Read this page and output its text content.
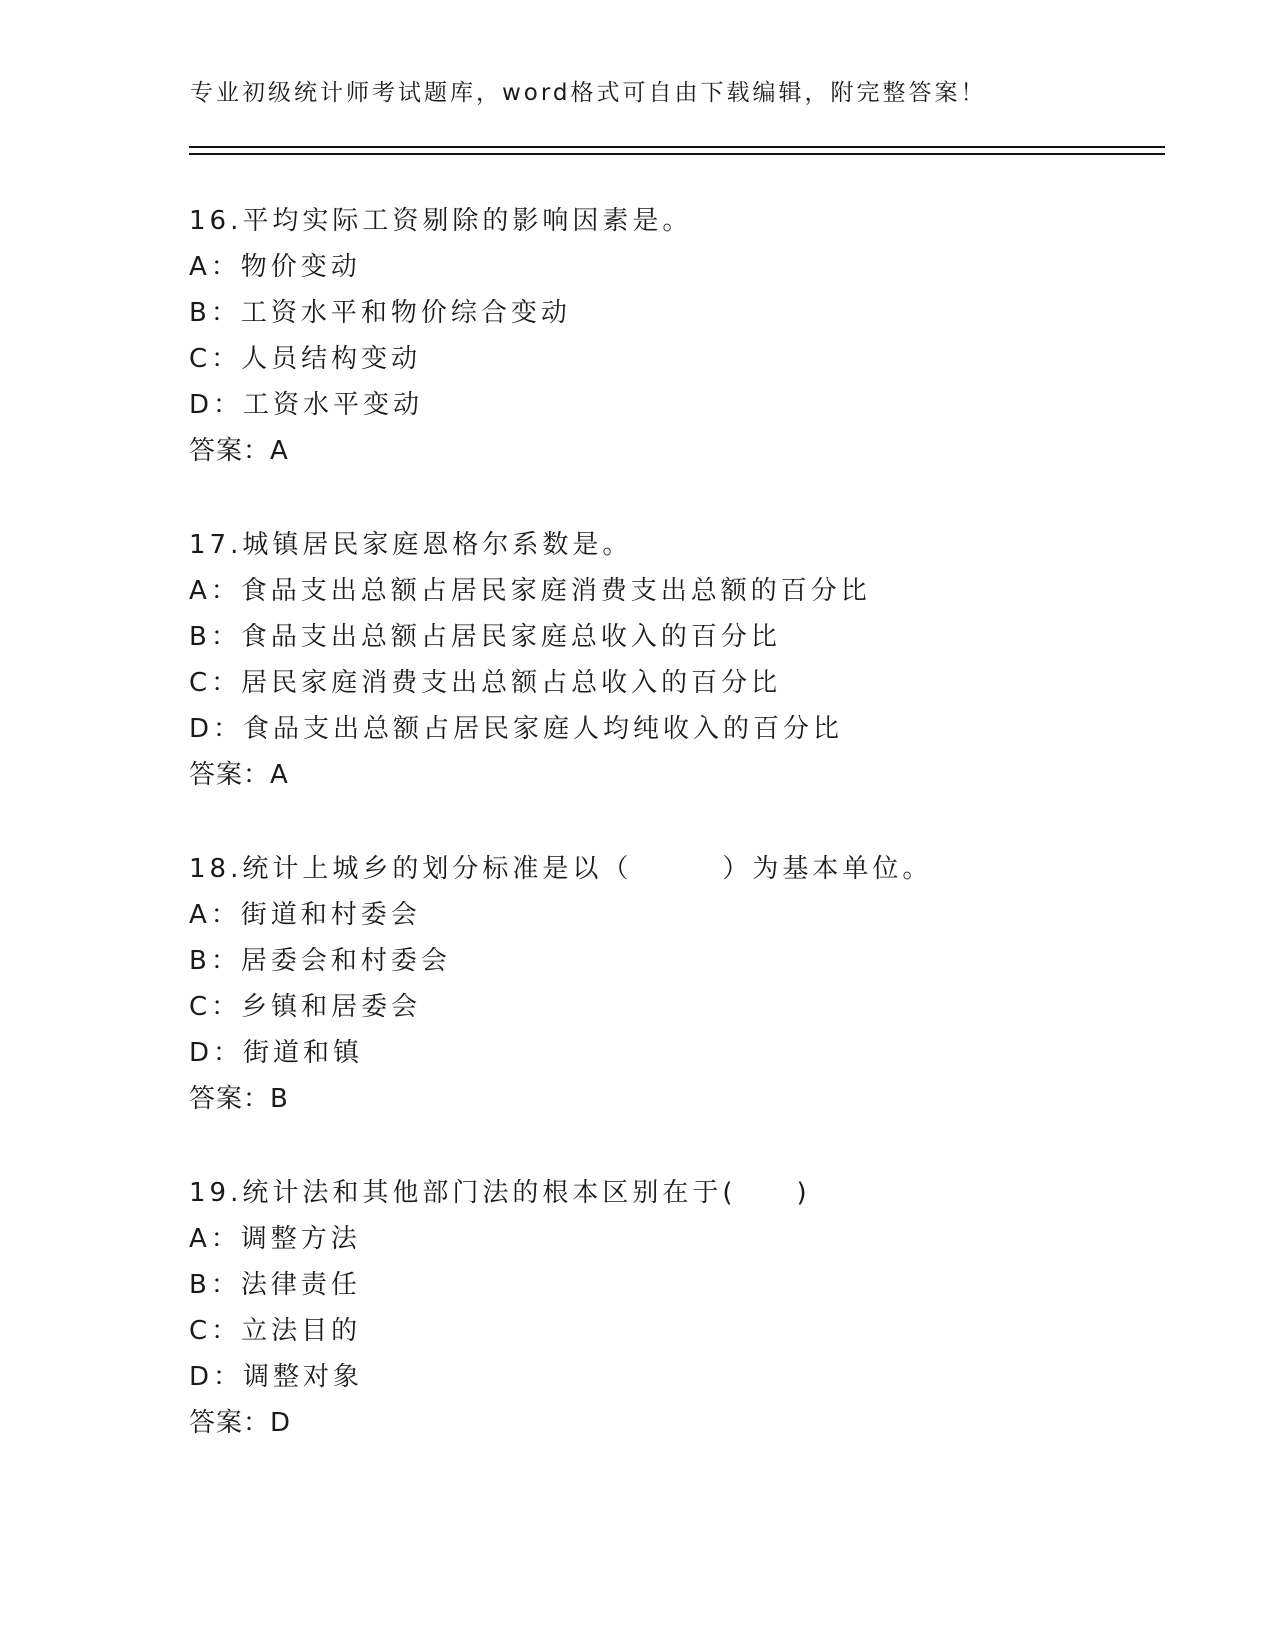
专业初级统计师考试题库，word格式可自由下载编辑，附完整答案！
16.平均实际工资剔除的影响因素是。
A：物价变动
B：工资水平和物价综合变动
C：人员结构变动
D：工资水平变动
答案：A
17.城镇居民家庭恩格尔系数是。
A：食品支出总额占居民家庭消费支出总额的百分比
B：食品支出总额占居民家庭总收入的百分比
C：居民家庭消费支出总额占总收入的百分比
D：食品支出总额占居民家庭人均纯收入的百分比
答案：A
18.统计上城乡的划分标准是以（　　　）为基本单位。
A：街道和村委会
B：居委会和村委会
C：乡镇和居委会
D：街道和镇
答案：B
19.统计法和其他部门法的根本区别在于(　　)
A：调整方法
B：法律责任
C：立法目的
D：调整对象
答案：D
